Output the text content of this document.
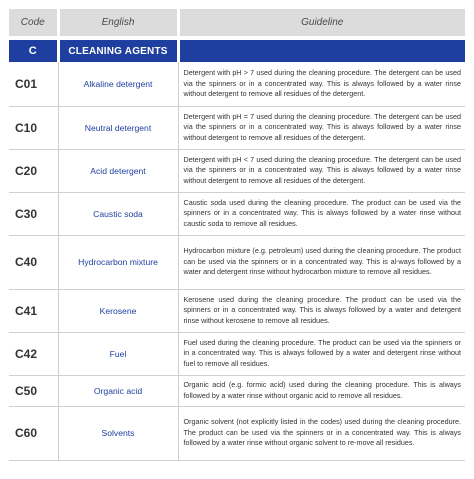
Code	English	Guideline
C	CLEANING AGENTS	
C01	Alkaline detergent	Detergent with pH > 7 used during the cleaning procedure. The detergent can be used via the spinners or in a concentrated way. This is always followed by a water rinse without detergent to remove all residues of the detergent.
C10	Neutral detergent	Detergent with pH = 7 used during the cleaning procedure. The detergent can be used via the spinners or in a concentrated way. This is always followed by a water rinse without detergent to remove all residues of the detergent.
C20	Acid detergent	Detergent with pH < 7 used during the cleaning procedure. The detergent can be used via the spinners or in a concentrated way. This is always followed by a water rinse without detergent to remove all residues of the detergent.
C30	Caustic soda	Caustic soda used during the cleaning procedure. The product can be used via the spinners or in a concentrated way. This is always followed by a water rinse without caustic soda to remove all residues.
C40	Hydrocarbon mixture	Hydrocarbon mixture (e.g. petroleum) used during the cleaning procedure. The product can be used via the spinners or in a concentrated way. This is al-ways followed by a water and detergent rinse without hydrocarbon mixture to remove all residues.
C41	Kerosene	Kerosene used during the cleaning procedure. The product can be used via the spinners or in a concentrated way. This is always followed by a water and detergent rinse without kerosene to remove all residues.
C42	Fuel	Fuel used during the cleaning procedure. The product can be used via the spinners or in a concentrated way. This is always followed by a water and detergent rinse without fuel to remove all residues.
C50	Organic acid	Organic acid (e.g. formic acid) used during the cleaning procedure. This is always followed by a water rinse without organic acid to remove all residues.
C60	Solvents	Organic solvent (not explicitly listed in the codes) used during the cleaning procedure. The product can be used via the spinners or in a concentrated way. This is always followed by a water rinse without organic solvent to re-move all residues.
